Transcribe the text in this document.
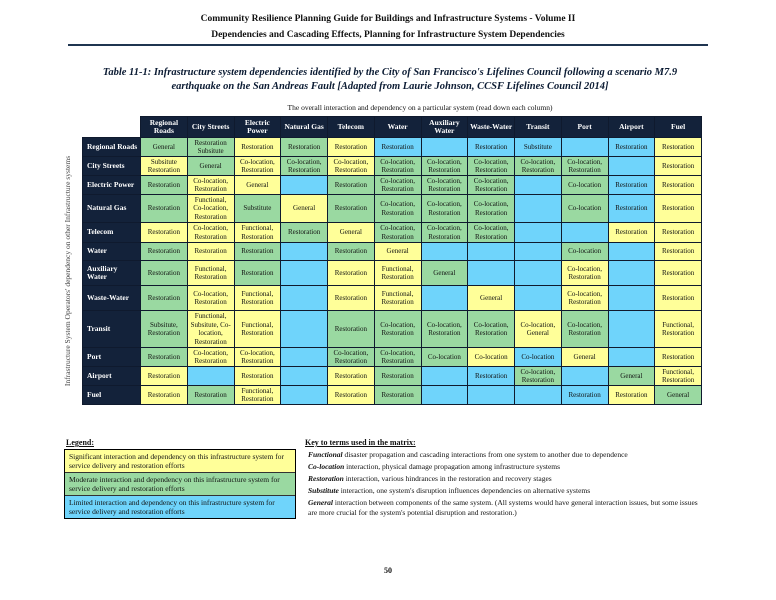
Community Resilience Planning Guide for Buildings and Infrastructure Systems - Volume II
Dependencies and Cascading Effects, Planning for Infrastructure System Dependencies
Table 11-1: Infrastructure system dependencies identified by the City of San Francisco's Lifelines Council following a scenario M7.9 earthquake on the San Andreas Fault [Adapted from Laurie Johnson, CCSF Lifelines Council 2014]
The overall interaction and dependency on a particular system (read down each column)
Infrastructure System Operators' dependency on other Infrastructure systems
	Regional Roads	City Streets	Electric Power	Natural Gas	Telecom	Water	Auxiliary Water	Waste-Water	Transit	Port	Airport	Fuel
Regional Roads	General	Restoration Subsitute	Restoration	Restoration	Restoration	Restoration		Restoration	Substitute		Restoration	Restoration
City Streets	Subsitute Restoration	General	Co-location, Restoration	Co-location, Restoration	Co-location, Restoration	Co-location, Restoration	Co-location, Restoration	Co-location, Restoration	Co-location, Restoration	Co-location, Restoration		Restoration
Electric Power	Restoration	Co-location, Restoration	General		Restoration	Co-location, Restoration	Co-location, Restoration	Co-location, Restoration		Co-location	Restoration	Restoration
Natural Gas	Restoration	Functional, Co-location, Restoration	Substitute	General	Restoration	Co-location, Restoration	Co-location, Restoration	Co-location, Restoration		Co-location	Restoration	Restoration
Telecom	Restoration	Co-location, Restoration	Functional, Restoration	Restoration	General	Co-location, Restoration	Co-location, Restoration	Co-location, Restoration			Restoration	Restoration
Water	Restoration	Restoration	Restoration		Restoration	General				Co-location		Restoration
Auxiliary Water	Restoration	Functional, Restoration	Restoration		Restoration	Functional, Restoration	General			Co-location, Restoration		Restoration
Waste-Water	Restoration	Co-location, Restoration	Functional, Restoration		Restoration	Functional, Restoration		General		Co-location, Restoration		Restoration
Transit	Subsitute, Restoration	Functional, Subsitute, Co-location, Restoration	Functional, Restoration		Restoration	Co-location, Restoration	Co-location, Restoration	Co-location, Restoration	Co-location, General	Co-location, Restoration		Functional, Restoration
Port	Restoration	Co-location, Restoration	Co-location, Restoration		Co-location, Restoration	Co-location, Restoration	Co-location	Co-location	Co-location	General		Restoration
Airport	Restoration		Restoration		Restoration	Restoration		Restoration	Co-location, Restoration		General	Functional, Restoration
Fuel	Restoration	Restoration	Functional, Restoration		Restoration	Restoration				Restoration	Restoration	General
Legend:
Significant interaction and dependency on this infrastructure system for service delivery and restoration efforts
Moderate interaction and dependency on this infrastructure system for service delivery and restoration efforts
Limited interaction and dependency on this infrastructure system for service delivery and restoration efforts
Key to terms used in the matrix:
Functional disaster propagation and cascading interactions from one system to another due to dependence
Co-location interaction, physical damage propagation among infrastructure systems
Restoration interaction, various hindrances in the restoration and recovery stages
Substitute interaction, one system's disruption influences dependencies on alternative systems
General interaction between components of the same system. (All systems would have general interaction issues, but some issues are more crucial for the system's potential disruption and restoration.)
50
